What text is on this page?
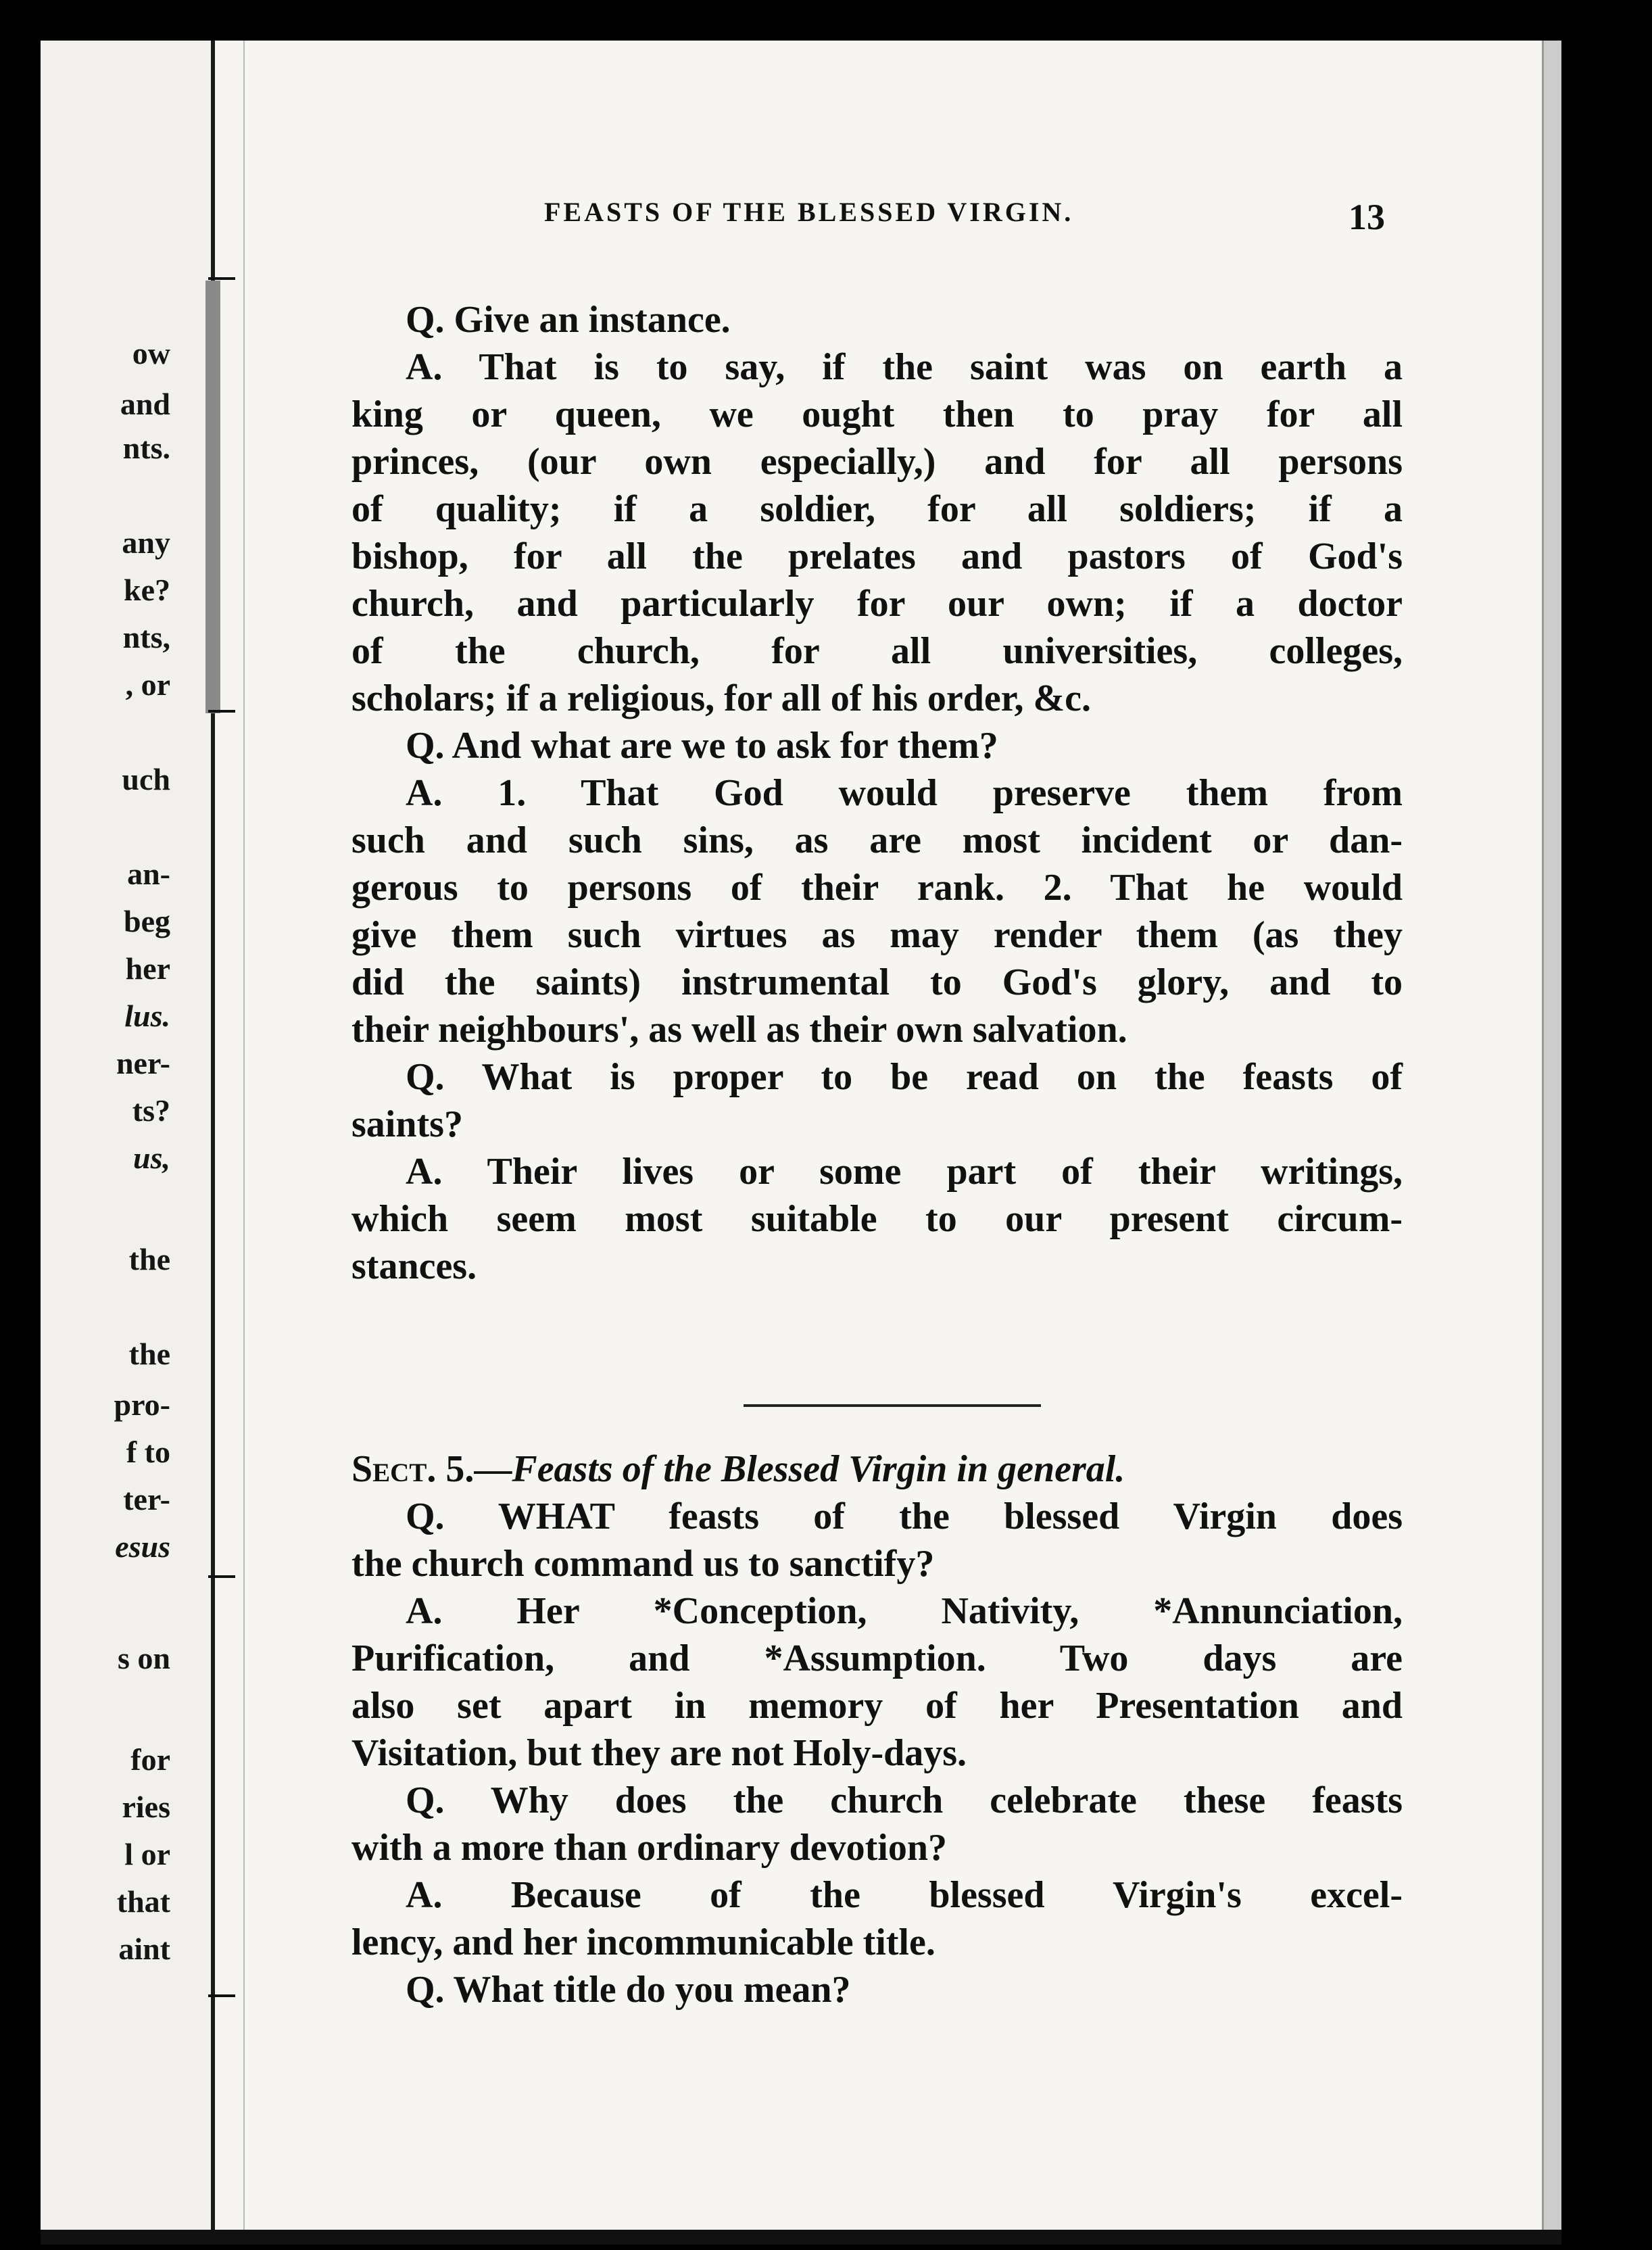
ow
and
nts.
any
ke?
nts,
, or
uch
an-
beg
her
lus.
ner-
ts?
us,
the
the
pro-
f to
ter-
esus
s on
for
ries
l or
that
aint
FEASTS OF THE BLESSED VIRGIN.	13
Q. Give an instance.
A. That is to say, if the saint was on earth a
king or queen, we ought then to pray for all
princes, (our own especially,) and for all persons
of quality; if a soldier, for all soldiers; if a
bishop, for all the prelates and pastors of God's
church, and particularly for our own; if a doctor
of the church, for all universities, colleges,
scholars; if a religious, for all of his order, &c.
Q. And what are we to ask for them?
A. 1. That God would preserve them from
such and such sins, as are most incident or dan-
gerous to persons of their rank. 2. That he would
give them such virtues as may render them (as they
did the saints) instrumental to God's glory, and to
their neighbours', as well as their own salvation.
Q. What is proper to be read on the feasts of
saints?
A. Their lives or some part of their writings,
which seem most suitable to our present circum-
stances.
Sect. 5.—Feasts of the Blessed Virgin in general.
Q. WHAT feasts of the blessed Virgin does
the church command us to sanctify?
A. Her *Conception, Nativity, *Annunciation,
Purification, and *Assumption. Two days are
also set apart in memory of her Presentation and
Visitation, but they are not Holy-days.
Q. Why does the church celebrate these feasts
with a more than ordinary devotion?
A. Because of the blessed Virgin's excel-
lency, and her incommunicable title.
Q. What title do you mean?
